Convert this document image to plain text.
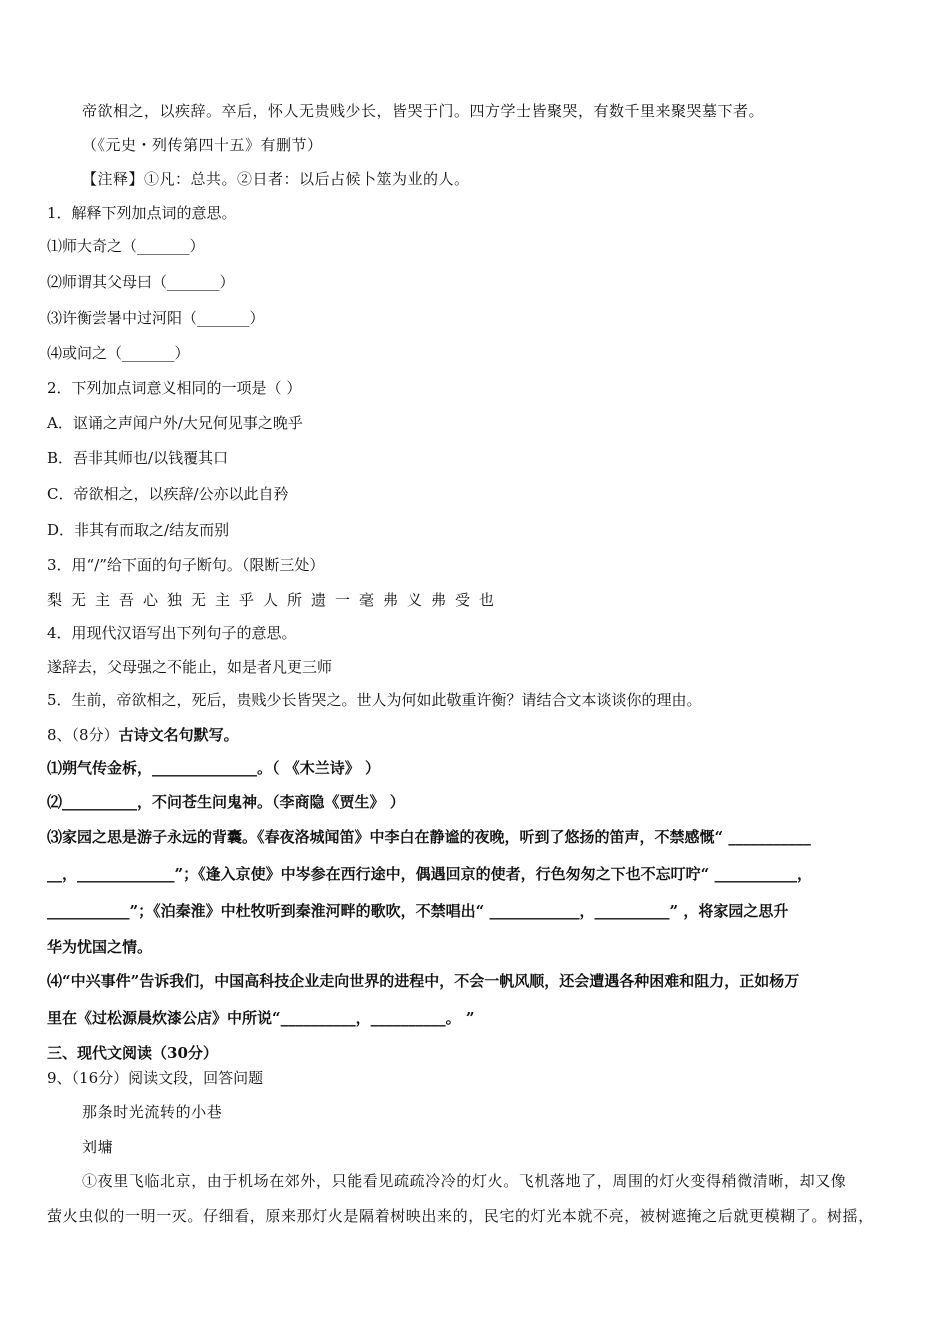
帝欲相之，以疾辞。卒后，怀人无贵贱少长，皆哭于门。四方学士皆聚哭，有数千里来聚哭墓下者。
（《元史・列传第四十五》有删节）
【注释】①凡：总共。②日者：以后占候卜筮为业的人。
1．解释下列加点词的意思。
⑴师大奇之（_______）
⑵师谓其父母曰（_______）
⑶许衡尝暑中过河阳（_______）
⑷或问之（_______）
2．下列加点词意义相同的一项是（ ）
A．讴诵之声闻户外/大兄何见事之晚乎
B．吾非其师也/以钱覆其口
C．帝欲相之，以疾辞/公亦以此自矜
D．非其有而取之/结友而别
3．用“/”给下面的句子断句。（限断三处）
梨无主吾心独无主乎人所遗一毫弗义弗受也
4．用现代汉语写出下列句子的意思。
遂辞去，父母强之不能止，如是者凡更三师
5．生前，帝欲相之，死后，贵贱少长皆哭之。世人为何如此敬重许衡？请结合文本谈谈你的理由。
8、（8分）古诗文名句默写。
⑴朔气传金柝，______________。（ 《木兰诗》 ）
⑵__________，不问苍生问鬼神。（李商隐《贾生》 ）
⑶家园之思是游子永远的背囊。《春夜洛城闻笛》中李白在静谧的夜晚，听到了悠扬的笛声，不禁感慨“ ___________
__，_____________”；《逢入京使》中岑参在西行途中，偶遇回京的使者，行色匆匆之下也不忘叮咛“ ___________，
___________”；《泊秦淮》中杜牧听到秦淮河畔的歌吹，不禁唱出“ ____________，__________” ，将家园之思升
华为忧国之情。
⑷“中兴事件”告诉我们，中国高科技企业走向世界的进程中，不会一帆风顺，还会遭遇各种困难和阻力，正如杨万
里在《过松源晨炊漆公店》中所说“__________，__________。 ”
三、现代文阅读（30分）
9、（16分）阅读文段，回答问题
那条时光流转的小巷
刘墉
①夜里飞临北京，由于机场在郊外，只能看见疏疏冷冷的灯火。飞机落地了，周围的灯火变得稍微清晰，却又像
萤火虫似的一明一灭。仔细看，原来那灯火是隔着树映出来的，民宅的灯光本就不亮，被树遮掩之后就更模糊了。树摇，
